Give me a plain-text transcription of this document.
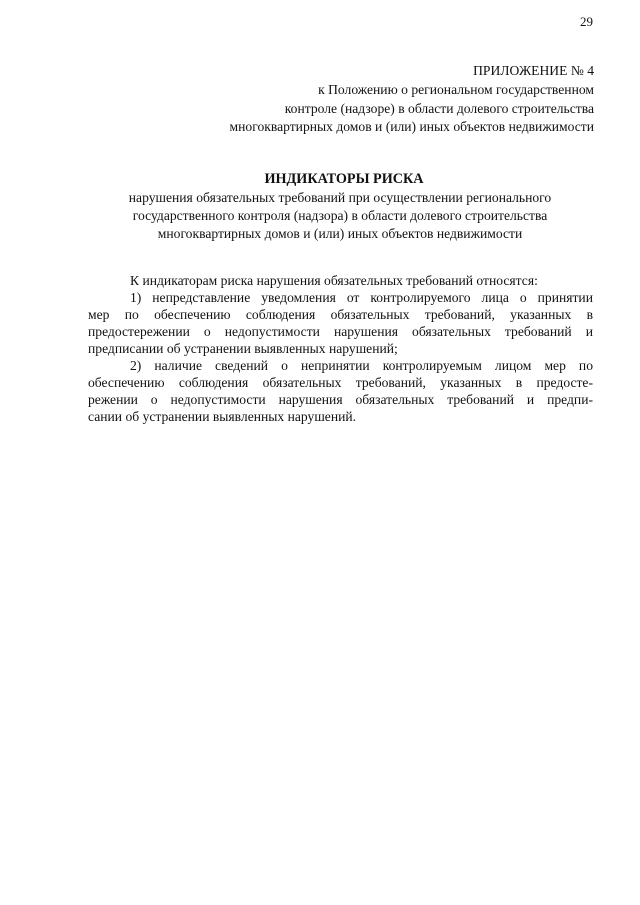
29
ПРИЛОЖЕНИЕ № 4
к Положению о региональном государственном
контроле (надзоре) в области долевого строительства
многоквартирных домов и (или) иных объектов недвижимости
ИНДИКАТОРЫ РИСКА
нарушения обязательных требований при осуществлении регионального
государственного контроля (надзора) в области долевого строительства
многоквартирных домов и (или) иных объектов недвижимости
К индикаторам риска нарушения обязательных требований относятся:
1) непредставление уведомления от контролируемого лица о принятии
мер по обеспечению соблюдения обязательных требований, указанных в
предостережении о недопустимости нарушения обязательных требований и
предписании об устранении выявленных нарушений;
2) наличие сведений о непринятии контролируемым лицом мер по
обеспечению соблюдения обязательных требований, указанных в предосте-
режении о недопустимости нарушения обязательных требований и предпи-
сании об устранении выявленных нарушений.
